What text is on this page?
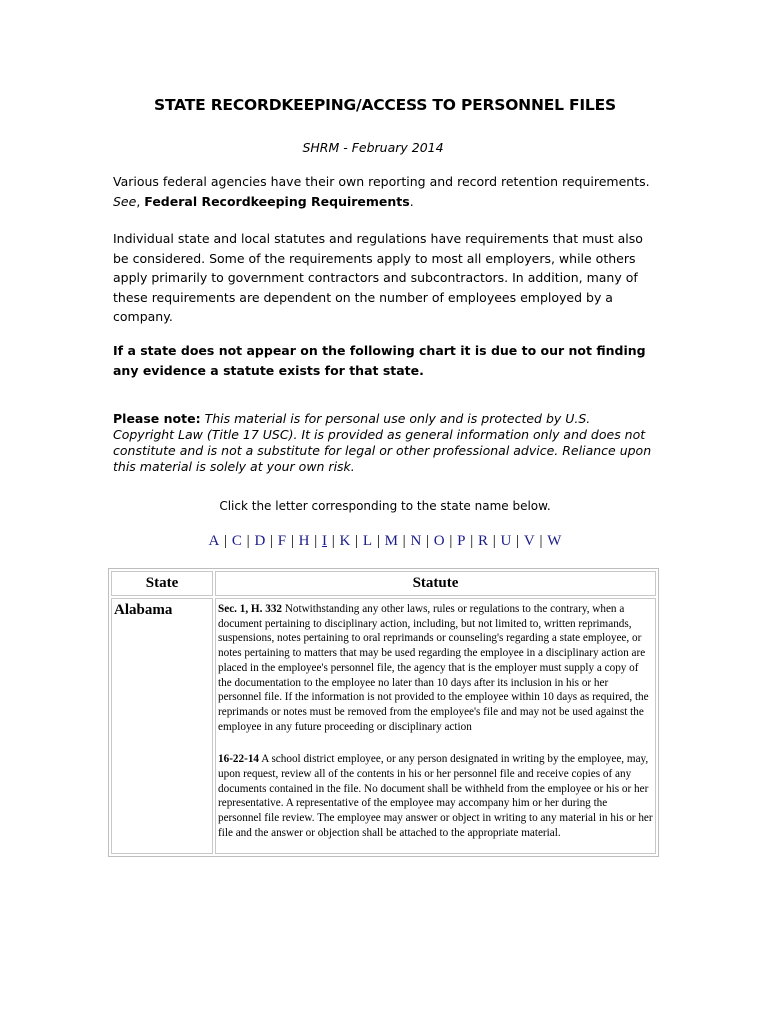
STATE RECORDKEEPING/ACCESS TO PERSONNEL FILES
SHRM - February 2014
Various federal agencies have their own reporting and record retention requirements.
See, Federal Recordkeeping Requirements.
Individual state and local statutes and regulations have requirements that must also be considered. Some of the requirements apply to most all employers, while others apply primarily to government contractors and subcontractors. In addition, many of these requirements are dependent on the number of employees employed by a company.
If a state does not appear on the following chart it is due to our not finding any evidence a statute exists for that state.
Please note: This material is for personal use only and is protected by U.S. Copyright Law (Title 17 USC). It is provided as general information only and does not constitute and is not a substitute for legal or other professional advice. Reliance upon this material is solely at your own risk.
Click the letter corresponding to the state name below.
A | C | D | F | H | I | K | L | M | N | O | P | R | U | V | W
State	Statute
Alabama	Sec. 1, H. 332 Notwithstanding any other laws, rules or regulations to the contrary, when a document pertaining to disciplinary action, including, but not limited to, written reprimands, suspensions, notes pertaining to oral reprimands or counseling's regarding a state employee, or notes pertaining to matters that may be used regarding the employee in a disciplinary action are placed in the employee's personnel file, the agency that is the employer must supply a copy of the documentation to the employee no later than 10 days after its inclusion in his or her personnel file. If the information is not provided to the employee within 10 days as required, the reprimands or notes must be removed from the employee's file and may not be used against the employee in any future proceeding or disciplinary action

16-22-14 A school district employee, or any person designated in writing by the employee, may, upon request, review all of the contents in his or her personnel file and receive copies of any documents contained in the file. No document shall be withheld from the employee or his or her representative. A representative of the employee may accompany him or her during the personnel file review. The employee may answer or object in writing to any material in his or her file and the answer or objection shall be attached to the appropriate material.
